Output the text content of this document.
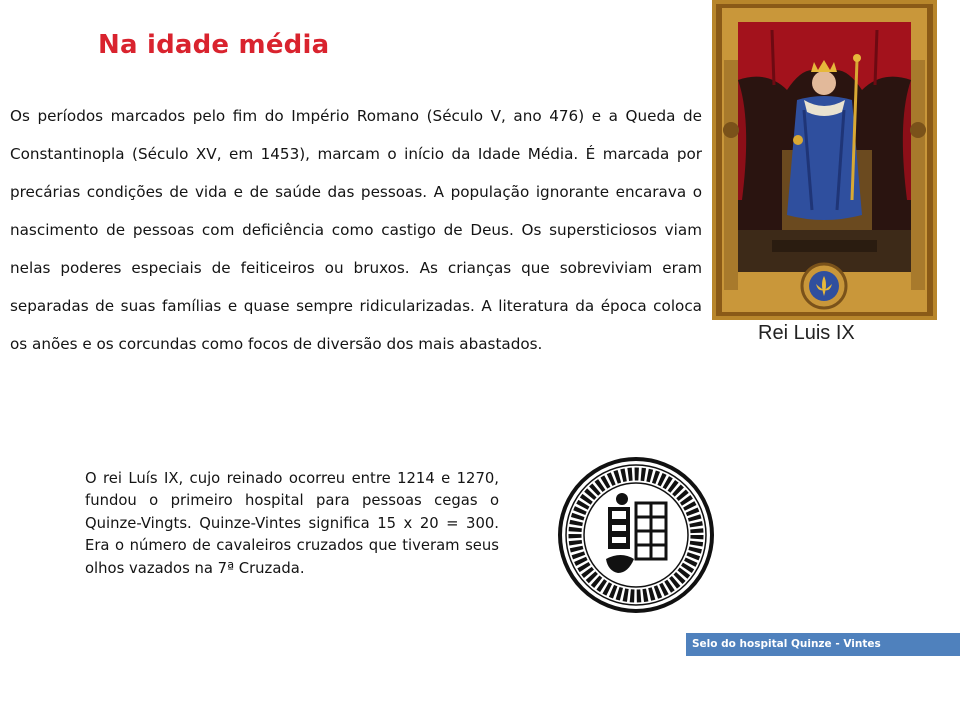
Na idade média
Os períodos marcados pelo fim do Império Romano (Século V, ano 476) e a Queda de Constantinopla (Século XV, em 1453), marcam o início da Idade Média. É marcada por precárias condições de vida e de saúde das pessoas. A população ignorante encarava o nascimento de pessoas com deficiência como castigo de Deus. Os supersticiosos viam nelas poderes especiais de feiticeiros ou bruxos. As crianças que sobreviviam eram separadas de suas famílias e quase sempre ridicularizadas. A literatura da época coloca os anões e os corcundas como focos de diversão dos mais abastados.
O rei Luís IX, cujo reinado ocorreu entre 1214 e 1270, fundou o primeiro hospital para pessoas cegas o Quinze-Vingts. Quinze-Vintes significa 15 x 20 = 300. Era o número de cavaleiros cruzados que tiveram seus olhos vazados na 7ª Cruzada.
Rei Luis IX
Selo do hospital Quinze - Vintes
